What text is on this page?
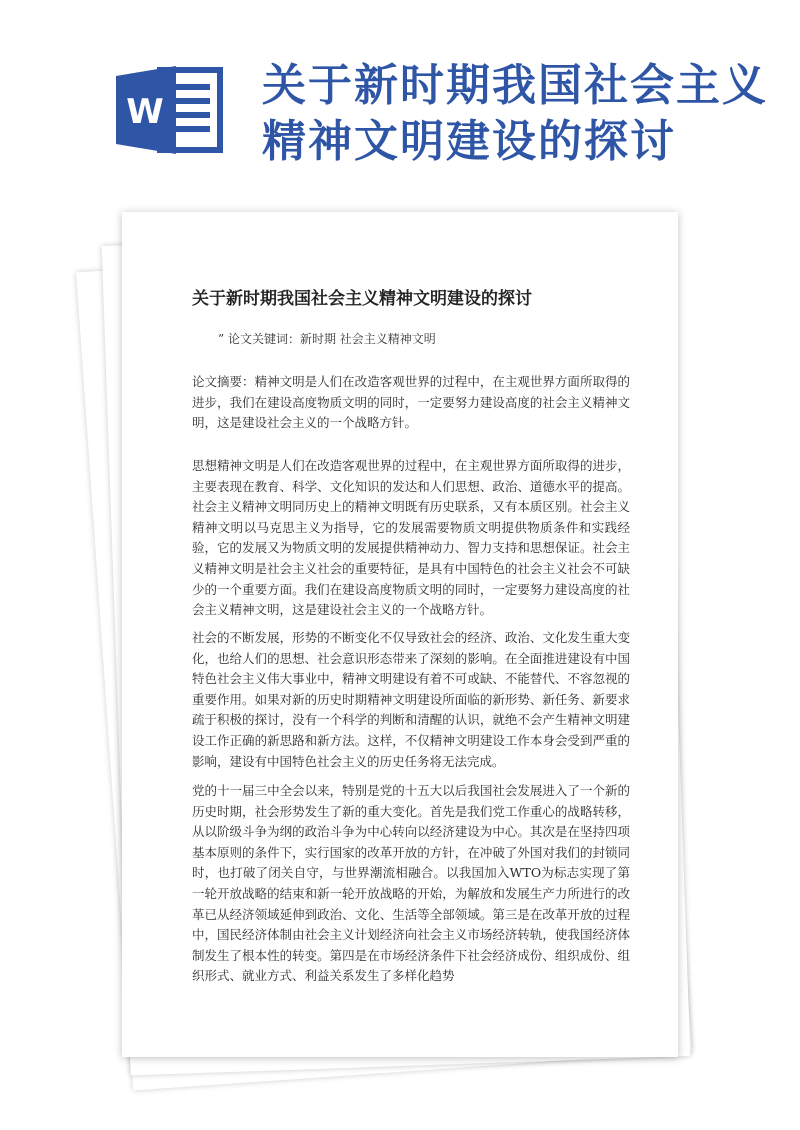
W
关于新时期我国社会主义精神文明建设的探讨
关于新时期我国社会主义精神文明建设的探讨
” 论文关键词：新时期 社会主义精神文明

论文摘要：精神文明是人们在改造客观世界的过程中，在主观世界方面所取得的进步，我们在建设高度物质文明的同时，一定要努力建设高度的社会主义精神文明，这是建设社会主义的一个战略方针。

思想精神文明是人们在改造客观世界的过程中，在主观世界方面所取得的进步，主要表现在教育、科学、文化知识的发达和人们思想、政治、道德水平的提高。社会主义精神文明同历史上的精神文明既有历史联系，又有本质区别。社会主义精神文明以马克思主义为指导，它的发展需要物质文明提供物质条件和实践经验，它的发展又为物质文明的发展提供精神动力、智力支持和思想保证。社会主义精神文明是社会主义社会的重要特征，是具有中国特色的社会主义社会不可缺少的一个重要方面。我们在建设高度物质文明的同时，一定要努力建设高度的社会主义精神文明，这是建设社会主义的一个战略方针。

社会的不断发展，形势的不断变化不仅导致社会的经济、政治、文化发生重大变化，也给人们的思想、社会意识形态带来了深刻的影响。在全面推进建设有中国特色社会主义伟大事业中，精神文明建设有着不可或缺、不能替代、不容忽视的重要作用。如果对新的历史时期精神文明建设所面临的新形势、新任务、新要求疏于积极的探讨，没有一个科学的判断和清醒的认识，就绝不会产生精神文明建设工作正确的新思路和新方法。这样，不仅精神文明建设工作本身会受到严重的影响，建设有中国特色社会主义的历史任务将无法完成。

党的十一届三中全会以来，特别是党的十五大以后我国社会发展进入了一个新的历史时期，社会形势发生了新的重大变化。首先是我们党工作重心的战略转移，从以阶级斗争为纲的政治斗争为中心转向以经济建设为中心。其次是在坚持四项基本原则的条件下，实行国家的改革开放的方针，在冲破了外国对我们的封锁同时，也打破了闭关自守，与世界潮流相融合。以我国加入WTO为标志实现了第一轮开放战略的结束和新一轮开放战略的开始，为解放和发展生产力所进行的改革已从经济领域延伸到政治、文化、生活等全部领域。第三是在改革开放的过程中，国民经济体制由社会主义计划经济向社会主义市场经济转轨，使我国经济体制发生了根本性的转变。第四是在市场经济条件下社会经济成份、组织成份、组织形式、就业方式、利益关系发生了多样化趋势
